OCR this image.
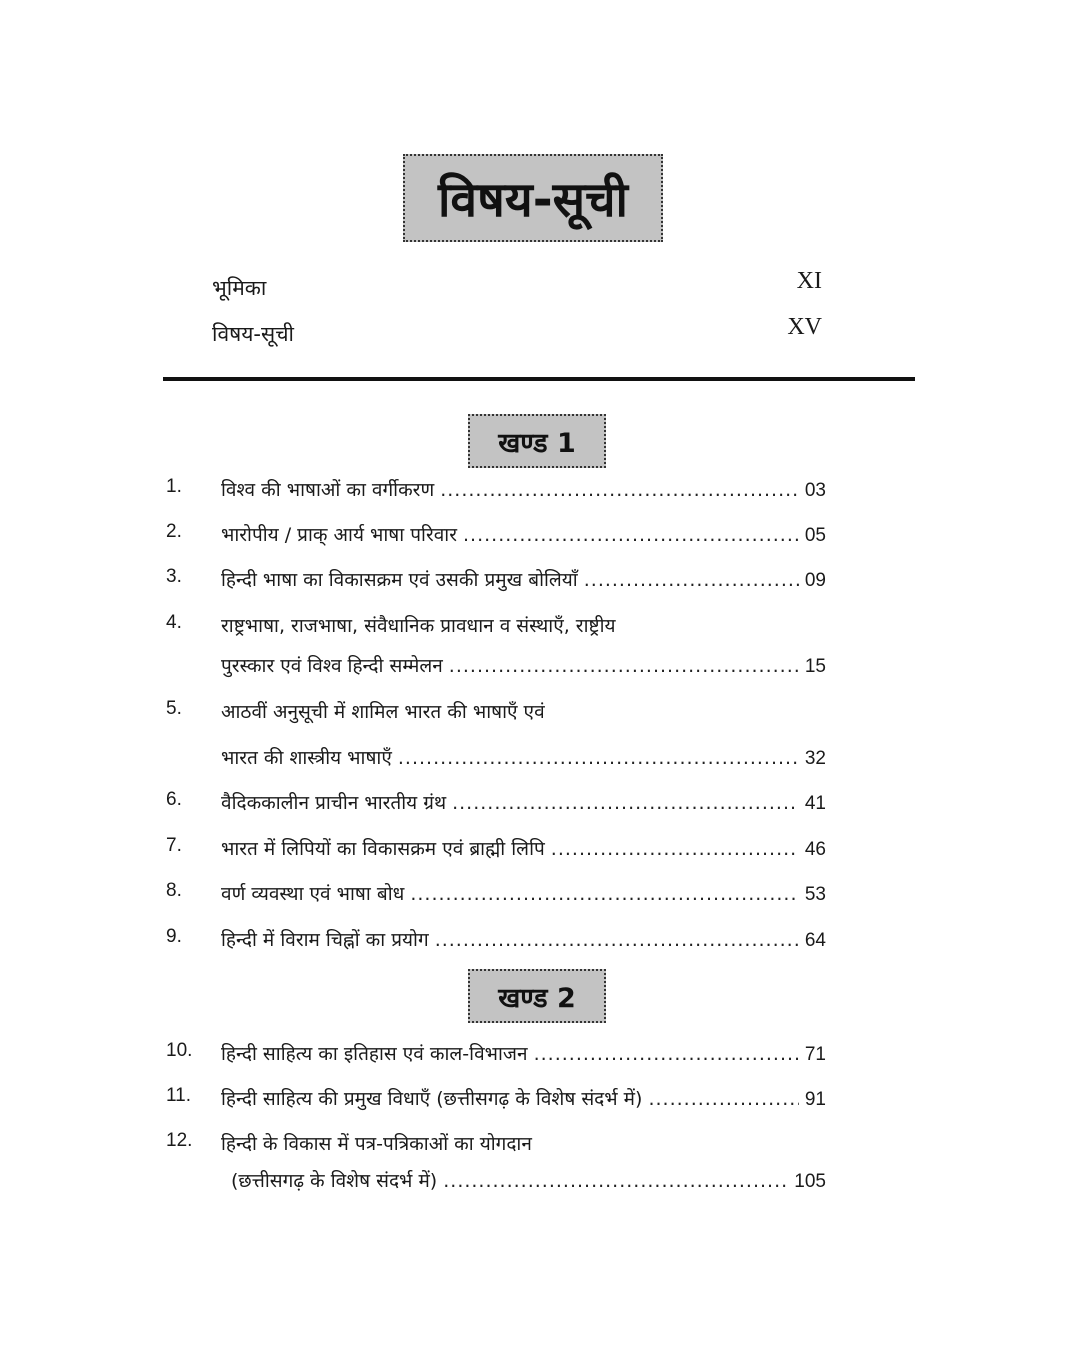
विषय-सूची
भूमिका	XI
विषय-सूची	XV
खण्ड 1
1. विश्व की भाषाओं का वर्गीकरण .....	03
2. भारोपीय / प्राक् आर्य भाषा परिवार .....	05
3. हिन्दी भाषा का विकासक्रम एवं उसकी प्रमुख बोलियाँ .....	09
4. राष्ट्रभाषा, राजभाषा, संवैधानिक प्रावधान व संस्थाएँ, राष्ट्रीय
पुरस्कार एवं विश्व हिन्दी सम्मेलन .....	15
5. आठवीं अनुसूची में शामिल भारत की भाषाएँ एवं
भारत की शास्त्रीय भाषाएँ .....	32
6. वैदिककालीन प्राचीन भारतीय ग्रंथ .....	41
7. भारत में लिपियों का विकासक्रम एवं ब्राह्मी लिपि .....	46
8. वर्ण व्यवस्था एवं भाषा बोध .....	53
9. हिन्दी में विराम चिह्नों का प्रयोग .....	64
खण्ड 2
10. हिन्दी साहित्य का इतिहास एवं काल-विभाजन .....	71
11. हिन्दी साहित्य की प्रमुख विधाएँ (छत्तीसगढ़ के विशेष संदर्भ में) .....	91
12. हिन्दी के विकास में पत्र-पत्रिकाओं का योगदान
(छत्तीसगढ़ के विशेष संदर्भ में) .....	105
